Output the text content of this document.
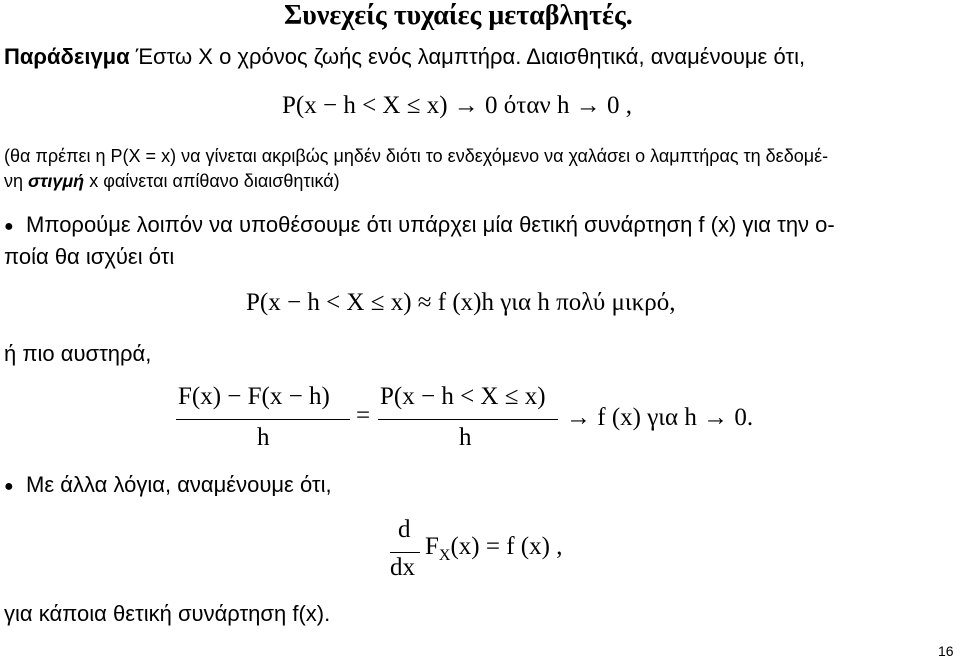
Συνεχείς τυχαίες μεταβλητές.
Παράδειγμα Έστω X ο χρόνος ζωής ενός λαμπτήρα. Διαισθητικά, αναμένουμε ότι,
P(x − h < X ≤ x) → 0 όταν h → 0 ,
(θα πρέπει η P(X = x) να γίνεται ακριβώς μηδέν διότι το ενδεχόμενο να χαλάσει ο λαμπτήρας τη δεδομέ-
νη στιγμή x φαίνεται απίθανο διαισθητικά)
● Μπορούμε λοιπόν να υποθέσουμε ότι υπάρχει μία θετική συνάρτηση f (x) για την ο-
ποία θα ισχύει ότι
P(x − h < X ≤ x) ≈ f (x)h για h πολύ μικρό,
ή πιο αυστηρά,
F(x) − F(x − h)
h
=
P(x − h < X ≤ x)
h
→ f (x) για h → 0.
● Με άλλα λόγια, αναμένουμε ότι,
d
dx
$F_X(x) = f$ (x) ,
για κάποια θετική συνάρτηση f(x).
16
